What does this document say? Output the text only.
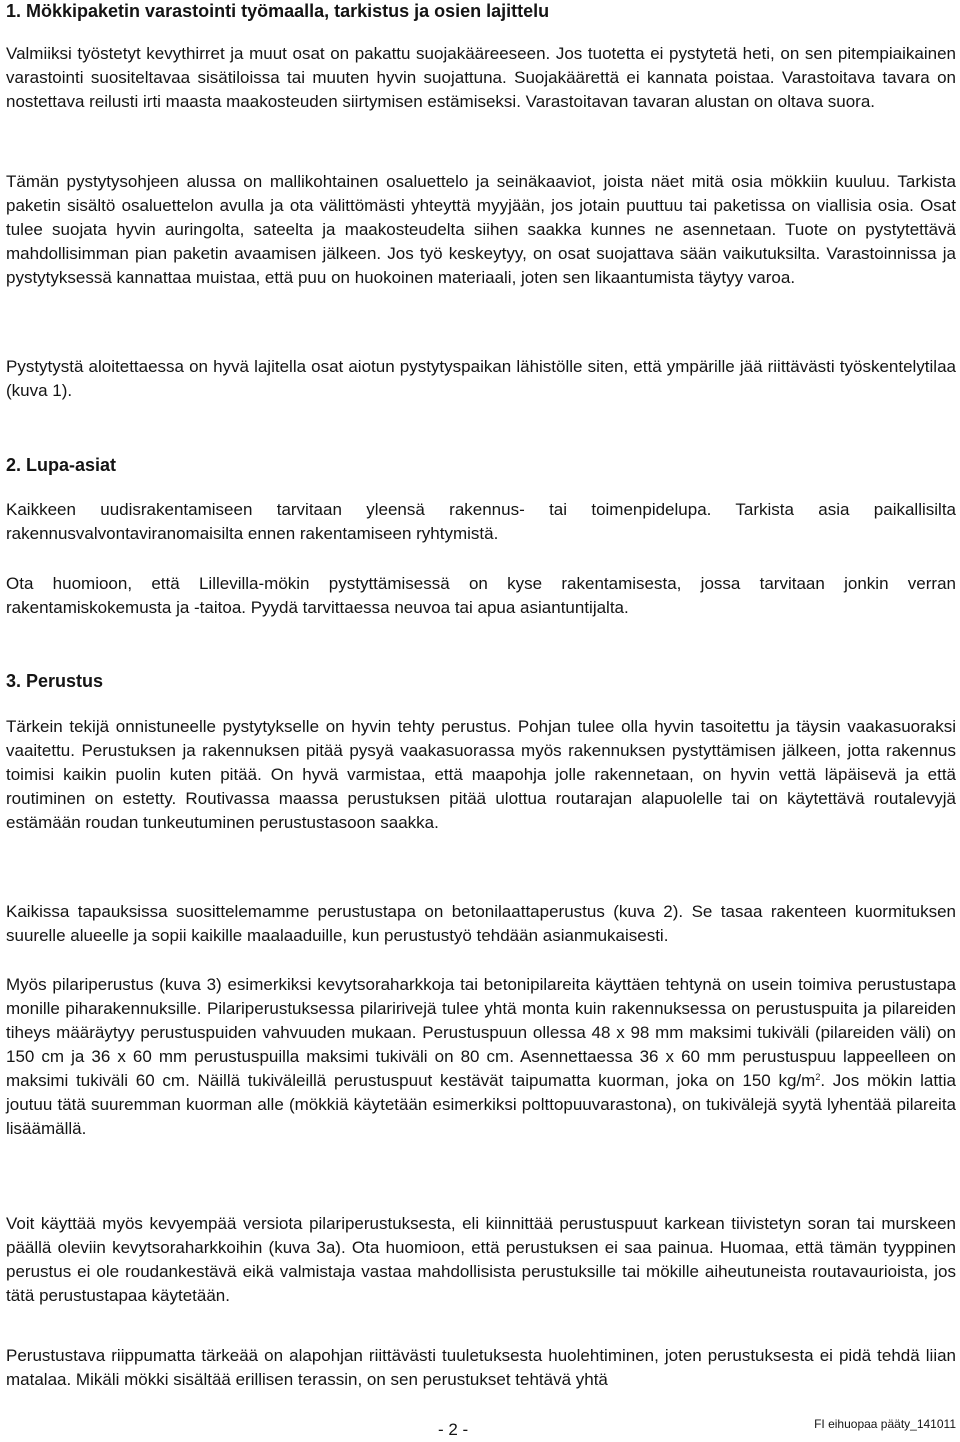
1. Mökkipaketin varastointi työmaalla, tarkistus ja osien lajittelu

Valmiiksi työstetyt kevythirret ja muut osat on pakattu suojakääreeseen. Jos tuotetta ei pystytetä heti, on sen pitempiaikainen varastointi suositeltavaa sisätiloissa tai muuten hyvin suojattuna. Suojakäärettä ei kannata poistaa. Varastoitava tavara on nostettava reilusti irti maasta maakosteuden siirtymisen estämiseksi. Varastoitavan tavaran alustan on oltava suora.

Tämän pystytysohjeen alussa on mallikohtainen osaluettelo ja seinäkaaviot, joista näet mitä osia mökkiin kuuluu. Tarkista paketin sisältö osaluettelon avulla ja ota välittömästi yhteyttä myyjään, jos jotain puuttuu tai paketissa on viallisia osia. Osat tulee suojata hyvin auringolta, sateelta ja maakosteudelta siihen saakka kunnes ne asennetaan. Tuote on pystytettävä mahdollisimman pian paketin avaamisen jälkeen. Jos työ keskeytyy, on osat suojattava sään vaikutuksilta. Varastoinnissa ja pystytyksessä kannattaa muistaa, että puu on huokoinen materiaali, joten sen likaantumista täytyy varoa.

Pystytystä aloitettaessa on hyvä lajitella osat aiotun pystytyspaikan lähistölle siten, että ympärille jää riittävästi työskentelytilaa (kuva 1).

2. Lupa-asiat

Kaikkeen uudisrakentamiseen tarvitaan yleensä rakennus- tai toimenpidelupa. Tarkista asia paikallisilta rakennusvalvontaviranomaisilta ennen rakentamiseen ryhtymistä.

Ota huomioon, että Lillevilla-mökin pystyttämisessä on kyse rakentamisesta, jossa tarvitaan jonkin verran rakentamiskokemusta ja -taitoa. Pyydä tarvittaessa neuvoa tai apua asiantuntijalta.

3. Perustus

Tärkein tekijä onnistuneelle pystytykselle on hyvin tehty perustus. Pohjan tulee olla hyvin tasoitettu ja täysin vaakasuoraksi vaaitettu. Perustuksen ja rakennuksen pitää pysyä vaakasuorassa myös rakennuksen pystyttämisen jälkeen, jotta rakennus toimisi kaikin puolin kuten pitää. On hyvä varmistaa, että maapohja jolle rakennetaan, on hyvin vettä läpäisevä ja että routiminen on estetty. Routivassa maassa perustuksen pitää ulottua routarajan alapuolelle tai on käytettävä routalevyjä estämään roudan tunkeutuminen perustustasoon saakka.

Kaikissa tapauksissa suosittelemamme perustustapa on betonilaattaperustus (kuva 2). Se tasaa rakenteen kuormituksen suurelle alueelle ja sopii kaikille maalaaduille, kun perustustyö tehdään asianmukaisesti.

Myös pilariperustus (kuva 3) esimerkiksi kevytsoraharkkoja tai betonipilareita käyttäen tehtynä on usein toimiva perustustapa monille piharakennuksille. Pilariperustuksessa pilaririvejä tulee yhtä monta kuin rakennuksessa on perustuspuita ja pilareiden tiheys määräytyy perustuspuiden vahvuuden mukaan. Perustuspuun ollessa 48 x 98 mm maksimi tukiväli (pilareiden väli) on 150 cm ja 36 x 60 mm perustuspuilla maksimi tukiväli on 80 cm. Asennettaessa 36 x 60 mm perustuspuu lappeelleen on maksimi tukiväli 60 cm. Näillä tukiväleillä perustuspuut kestävät taipumatta kuorman, joka on 150 $kg/m^2$. Jos mökin lattia joutuu tätä suuremman kuorman alle (mökkiä käytetään esimerkiksi polttopuuvarastona), on tukivälejä syytä lyhentää pilareita lisäämällä.

Voit käyttää myös kevyempää versiota pilariperustuksesta, eli kiinnittää perustuspuut karkean tiivistetyn soran tai murskeen päällä oleviin kevytsoraharkkoihin (kuva 3a). Ota huomioon, että perustuksen ei saa painua. Huomaa, että tämän tyyppinen perustus ei ole roudankestävä eikä valmistaja vastaa mahdollisista perustuksille tai mökille aiheutuneista routavaurioista, jos tätä perustustapaa käytetään.

Perustustava riippumatta tärkeää on alapohjan riittävästi tuuletuksesta huolehtiminen, joten perustuksesta ei pidä tehdä liian matalaa. Mikäli mökki sisältää erillisen terassin, on sen perustukset tehtävä yhtä

- 2 -	FI eihuopaa pääty_141011
